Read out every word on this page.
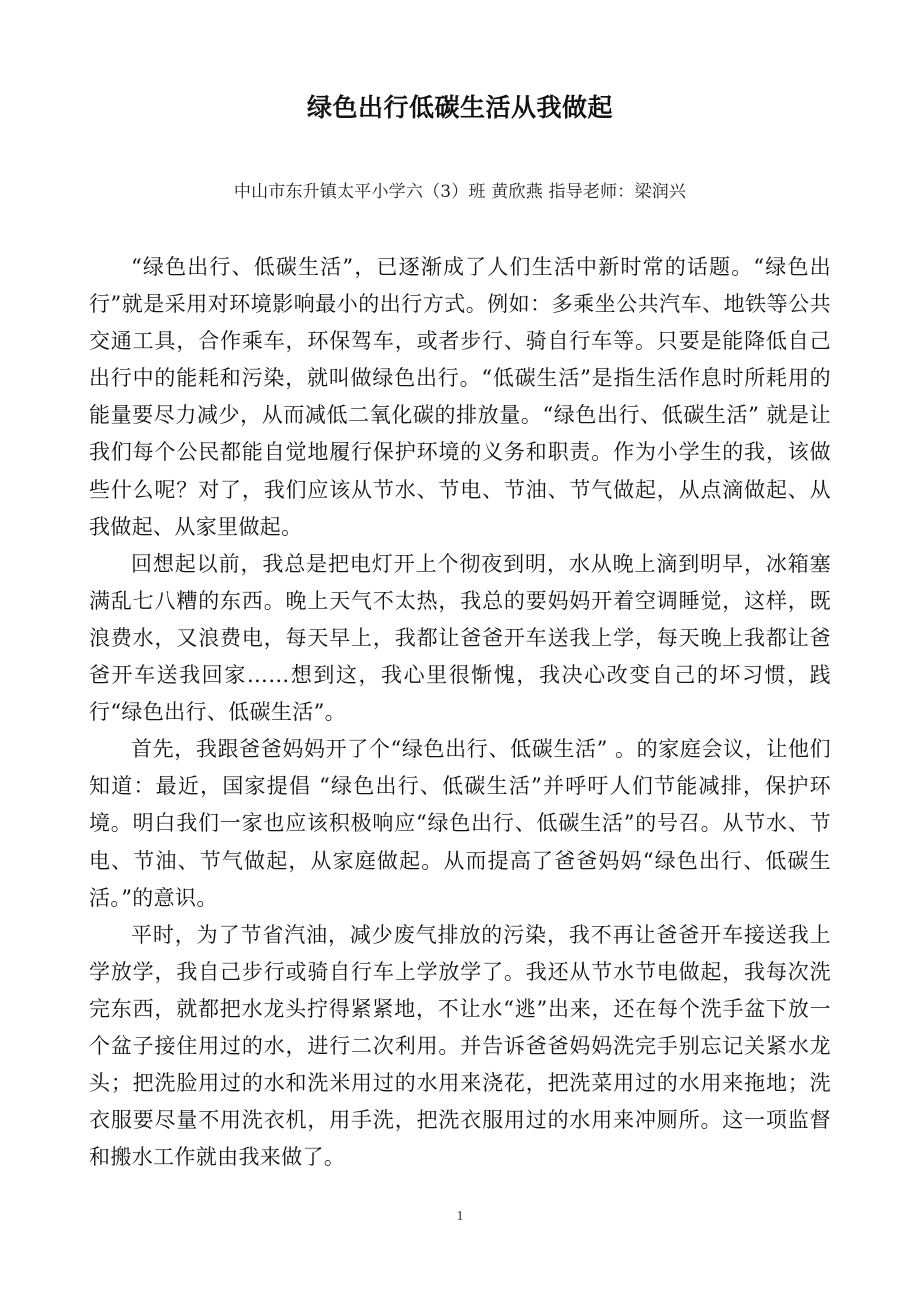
绿色出行低碳生活从我做起
中山市东升镇太平小学六（3）班 黄欣燕 指导老师：梁润兴

“绿色出行、低碳生活”，已逐渐成了人们生活中新时常的话题。“绿色出行”就是采用对环境影响最小的出行方式。例如：多乘坐公共汽车、地铁等公共交通工具，合作乘车，环保驾车，或者步行、骑自行车等。只要是能降低自己出行中的能耗和污染，就叫做绿色出行。“低碳生活”是指生活作息时所耗用的能量要尽力减少，从而减低二氧化碳的排放量。“绿色出行、低碳生活” 就是让我们每个公民都能自觉地履行保护环境的义务和职责。作为小学生的我，该做些什么呢？对了，我们应该从节水、节电、节油、节气做起，从点滴做起、从我做起、从家里做起。

回想起以前，我总是把电灯开上个彻夜到明，水从晚上滴到明早，冰箱塞满乱七八糟的东西。晚上天气不太热，我总的要妈妈开着空调睡觉，这样，既浪费水，又浪费电，每天早上，我都让爸爸开车送我上学，每天晚上我都让爸爸开车送我回家……想到这，我心里很惭愧，我决心改变自己的坏习惯，践行“绿色出行、低碳生活”。

首先，我跟爸爸妈妈开了个“绿色出行、低碳生活” 。的家庭会议，让他们知道：最近，国家提倡 “绿色出行、低碳生活”并呼吁人们节能减排，保护环境。明白我们一家也应该积极响应“绿色出行、低碳生活”的号召。从节水、节电、节油、节气做起，从家庭做起。从而提高了爸爸妈妈“绿色出行、低碳生活。”的意识。

平时，为了节省汽油，减少废气排放的污染，我不再让爸爸开车接送我上学放学，我自己步行或骑自行车上学放学了。我还从节水节电做起，我每次洗完东西，就都把水龙头拧得紧紧地，不让水“逃”出来，还在每个洗手盆下放一个盆子接住用过的水，进行二次利用。并告诉爸爸妈妈洗完手别忘记关紧水龙头；把洗脸用过的水和洗米用过的水用来浇花，把洗菜用过的水用来拖地；洗衣服要尽量不用洗衣机，用手洗，把洗衣服用过的水用来冲厕所。这一项监督和搬水工作就由我来做了。

1
